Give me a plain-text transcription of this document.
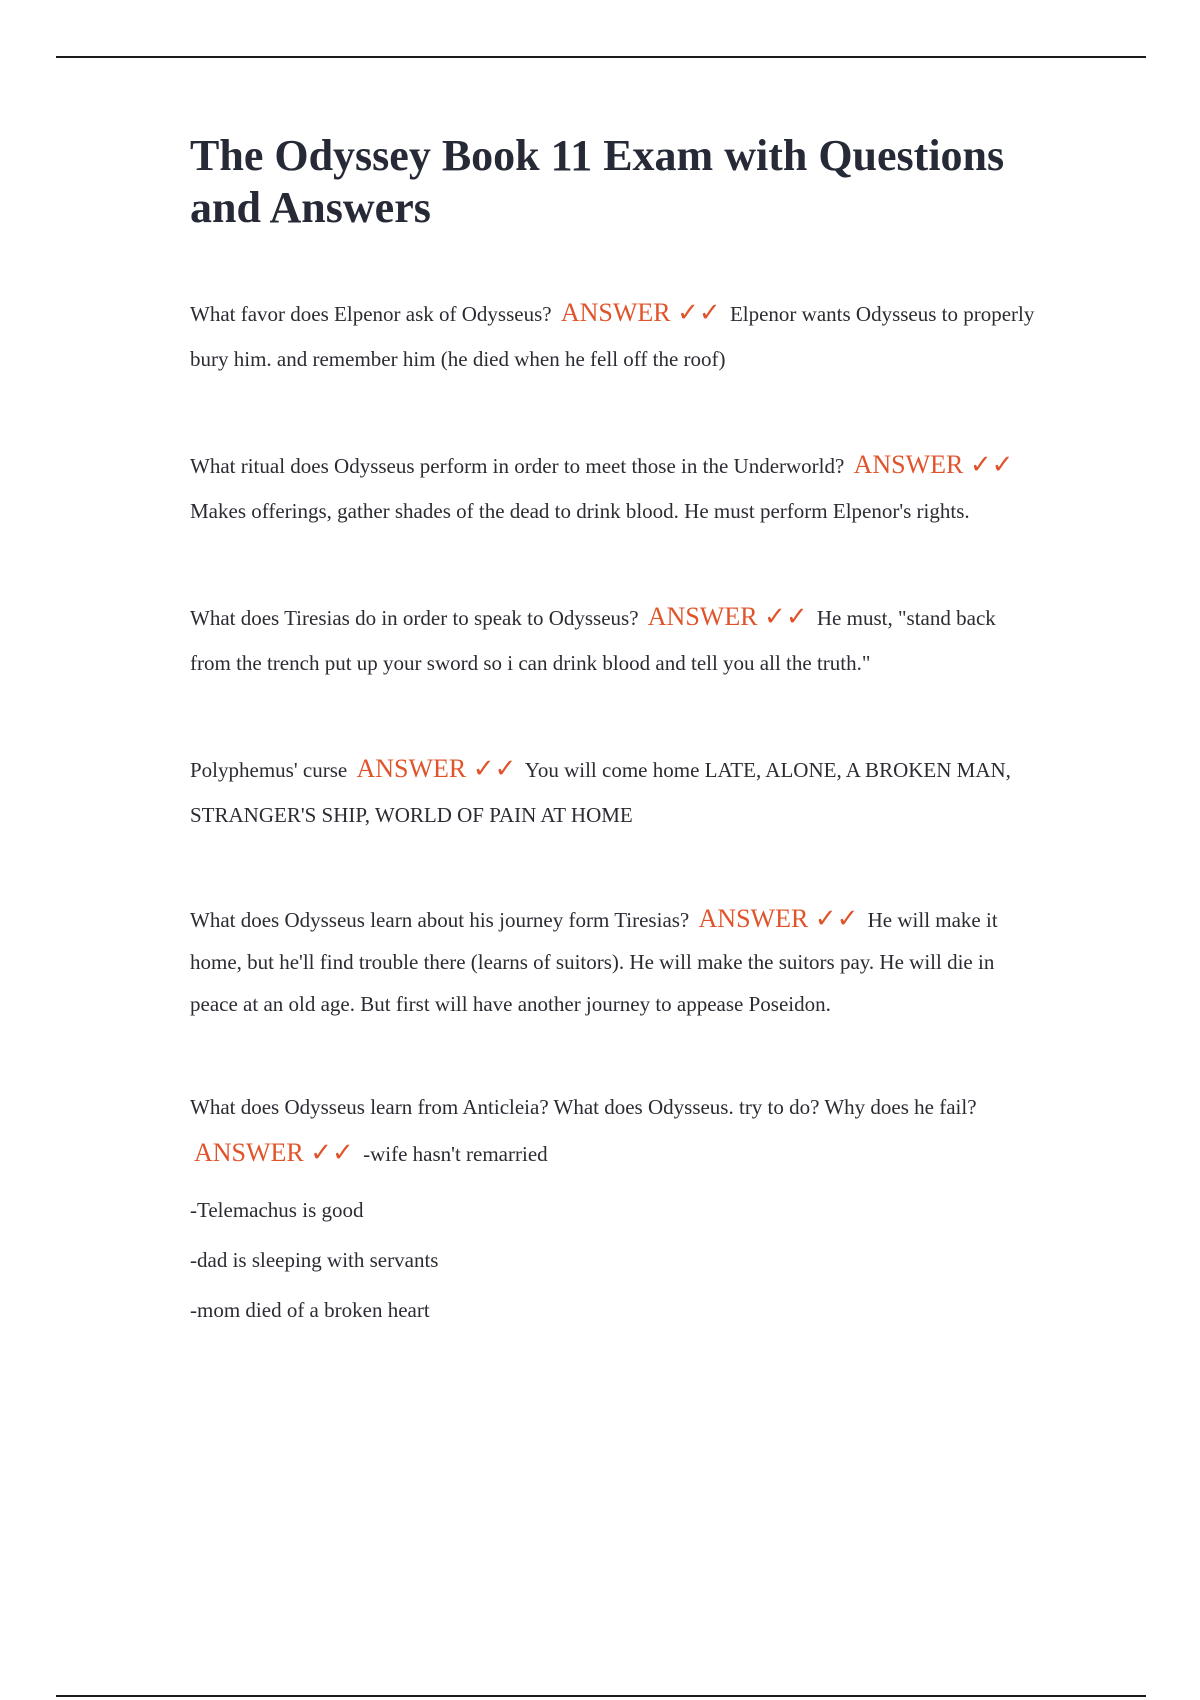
The Odyssey Book 11 Exam with Questions and Answers

What favor does Elpenor ask of Odysseus? ANSWER ✓✓ Elpenor wants Odysseus to properly bury him. and remember him (he died when he fell off the roof)

What ritual does Odysseus perform in order to meet those in the Underworld? ANSWER ✓✓ Makes offerings, gather shades of the dead to drink blood. He must perform Elpenor's rights.

What does Tiresias do in order to speak to Odysseus? ANSWER ✓✓ He must, "stand back from the trench put up your sword so i can drink blood and tell you all the truth."

Polyphemus' curse ANSWER ✓✓ You will come home LATE, ALONE, A BROKEN MAN, STRANGER'S SHIP, WORLD OF PAIN AT HOME

What does Odysseus learn about his journey form Tiresias? ANSWER ✓✓ He will make it home, but he'll find trouble there (learns of suitors). He will make the suitors pay. He will die in peace at an old age. But first will have another journey to appease Poseidon.

What does Odysseus learn from Anticleia? What does Odysseus. try to do? Why does he fail? ANSWER ✓✓ -wife hasn't remarried

-Telemachus is good

-dad is sleeping with servants

-mom died of a broken heart
